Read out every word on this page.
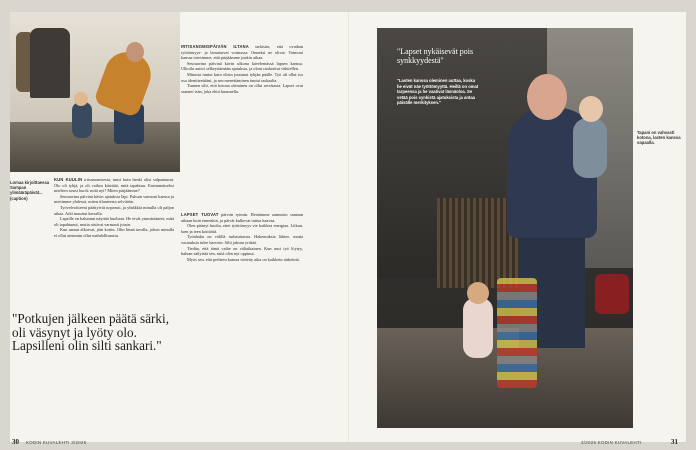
Lomaa kirjoittaessa Sampan ylimääräpäivät... (caption)

KUN KUULIN irtisanomisesta, tunsi kuin henki olisi salpautunut. Olo oli tyhjä, ja oli vaikea käsittää, mitä tapahtuu. Ensimmäiseksi mieleen nousi huoli: mitä nyt? Miten pärjäämme?

Seuraavina päivinä kävin ajatuksia läpi. Puhuin vaimoni kanssa ja mietimme yhdessä, miten tilanteesta selvitään.

Työvelvoitteeni päättyivät nopeasti, ja yhtäkkiä minulla oli paljon aikaa. Arki muuttui kerralla.

Lapsille en halunnut näyttää huoltani. He eivät ymmärtäneet, mitä oli tapahtunut, mutta aistivat varmasti jotain.

Kun aamut alkoivat, jäin kotiin. Olin läsnä tavalla, johon minulla ei ollut aiemmin ollut mahdollisuutta.

"Potkujen jälkeen päätä särki, oli väsynyt ja lyöty olo. Lapsilleni olin silti sankari."

IRTISANOMISPÄIVÄN ILTANA tarkistin, että ovathan työttömyys- ja lainaturvat voimassa. Onneksi ne olivat. Vaimoni kanssa totesimme, että pärjäämme jonkin aikaa.

Seuraavina päivinä kävin ulkona kävelemässä lapsen kanssa. Ulkoilu auttoi selkeyttämään ajatuksia, ja oloni rauhoittui vähitellen.

Minusta tuntui kuin olisin joutunut tyhjän päälle. Työ oli ollut iso osa identiteettiäni, ja sen menettäminen tuntui raskaalta.

Tunnen silti, että kotona oleminen on ollut arvokasta. Lapset ovat saaneet isän, joka ehtii kuunnella.

LAPSET TUOVAT päiviin rytmin. Heräämme aamuisin samaan aikaan kuin ennenkin, ja päivät kulkevat tuttua kaavaa.

Olen pitänyt huolta, ettei työttömyys vie kaikkea energiaa. Liikun, luen ja teen kotitöitä.

Työnhaku on välillä turhauttavaa. Hakemuksia lähtee, mutta vastauksia tulee harvoin. Silti jaksan yrittää.

Tiedän, että tämä vaihe on väliaikainen. Kun uusi työ löytyy, haluan säilyttää sen, mitä olen nyt oppinut.

Myös sen, että perheen kanssa vietetty aika on kaikkein tärkeintä.

30 KODIN KUVALEHTI 3/2026
"Lapset nykäisevät pois synkkyydestä"
"Lasten kanssa oleminen auttaa, koska he eivät näe työttömyyttä. Heillä on omat tarpeensa ja he vaativat läsnäoloa. Se vetää pois synkistä ajatuksista ja antaa päivälle merkityksen."
Tapani on vahvasti kotona, lasten kanssa vapaalla.
3/2026 KODIN KUVALEHTI	31
